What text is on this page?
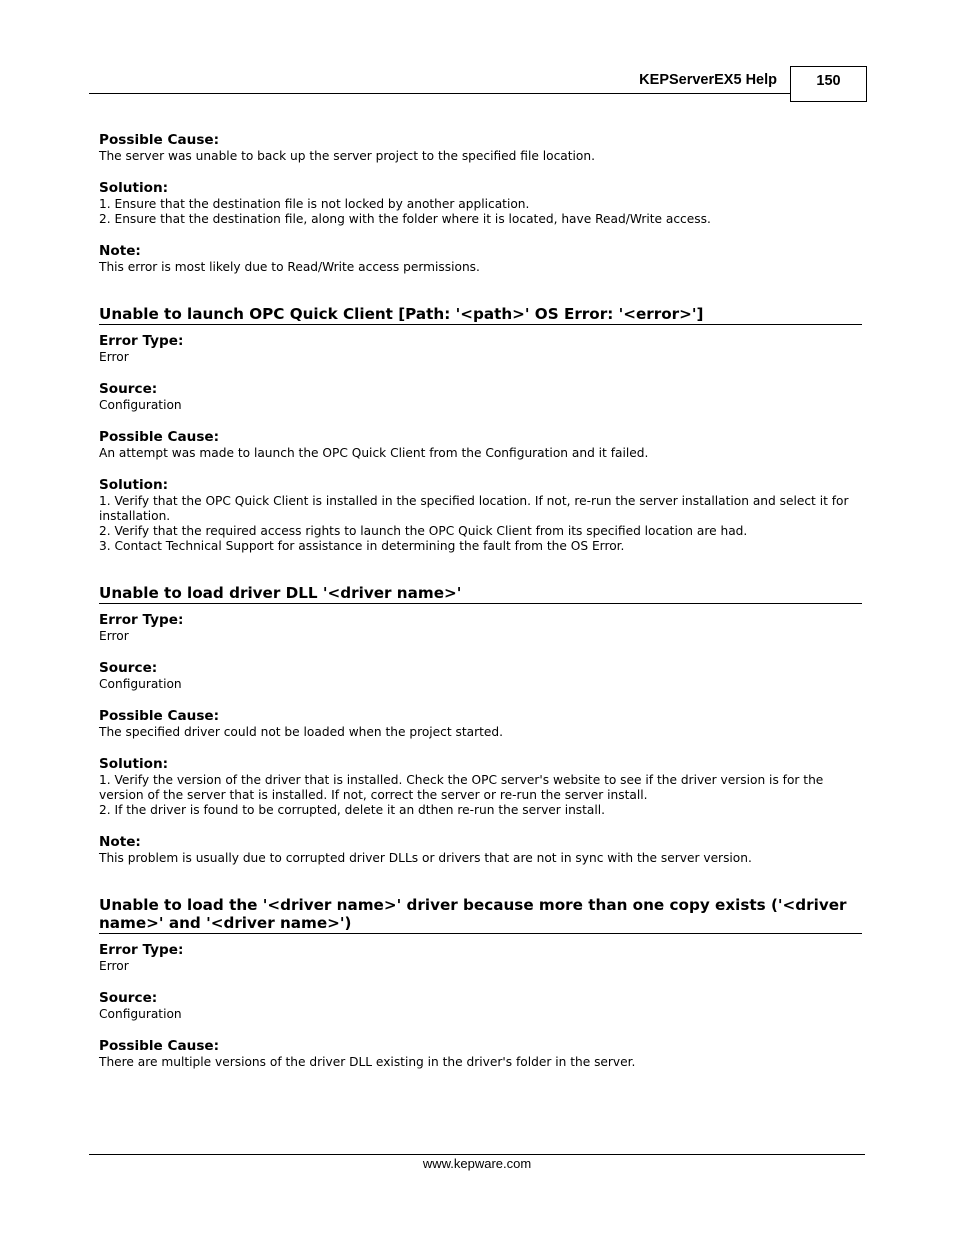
KEPServerEX5 Help	150
Possible Cause:
The server was unable to back up the server project to the specified file location.
Solution:
1. Ensure that the destination file is not locked by another application.
2. Ensure that the destination file, along with the folder where it is located, have Read/Write access.
Note:
This error is most likely due to Read/Write access permissions.
Unable to launch OPC Quick Client [Path: '<path>' OS Error: '<error>']
Error Type:
Error
Source:
Configuration
Possible Cause:
An attempt was made to launch the OPC Quick Client from the Configuration and it failed.
Solution:
1. Verify that the OPC Quick Client is installed in the specified location. If not, re-run the server installation and select it for installation.
2. Verify that the required access rights to launch the OPC Quick Client from its specified location are had.
3. Contact Technical Support for assistance in determining the fault from the OS Error.
Unable to load driver DLL '<driver name>'
Error Type:
Error
Source:
Configuration
Possible Cause:
The specified driver could not be loaded when the project started.
Solution:
1. Verify the version of the driver that is installed. Check the OPC server's website to see if the driver version is for the version of the server that is installed. If not, correct the server or re-run the server install.
2. If the driver is found to be corrupted, delete it an dthen re-run the server install.
Note:
This problem is usually due to corrupted driver DLLs or drivers that are not in sync with the server version.
Unable to load the '<driver name>' driver because more than one copy exists ('<driver name>' and '<driver name>')
Error Type:
Error
Source:
Configuration
Possible Cause:
There are multiple versions of the driver DLL existing in the driver's folder in the server.
www.kepware.com
